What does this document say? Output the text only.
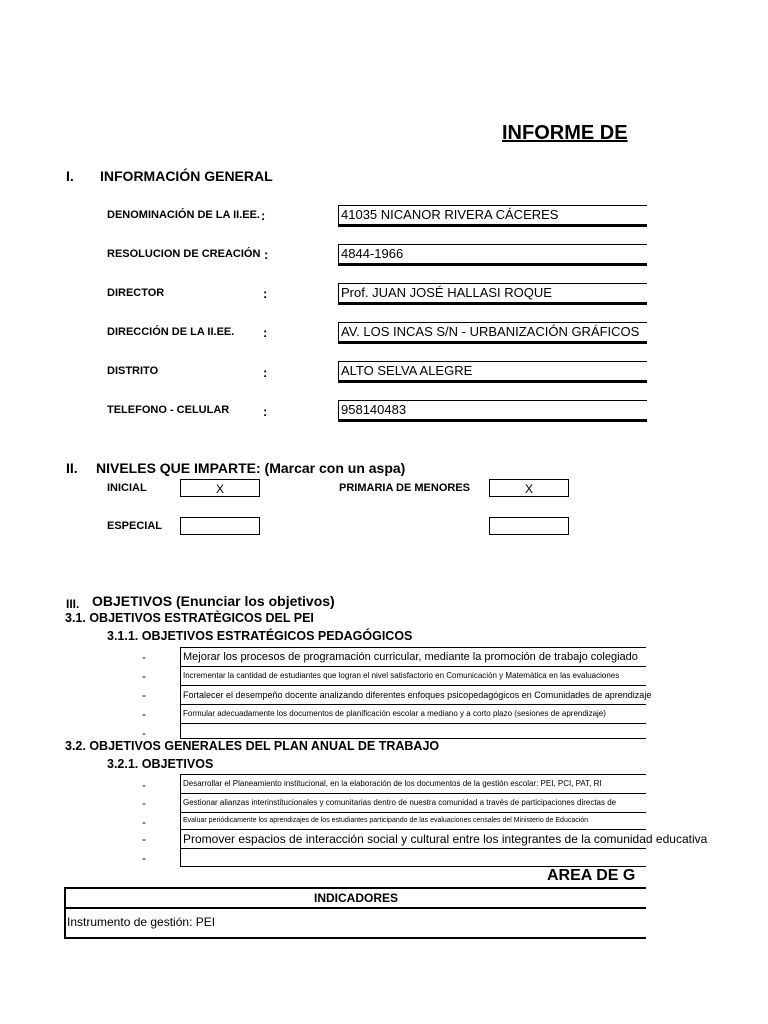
INFORME DE
I. INFORMACIÓN GENERAL
DENOMINACIÓN DE LA II.EE. :	41035 NICANOR RIVERA CÁCERES
RESOLUCION DE CREACIÓN :	4844-1966
DIRECTOR	:	Prof. JUAN JOSÉ HALLASI ROQUE
DIRECCIÓN DE LA II.EE. :	AV. LOS INCAS S/N - URBANIZACIÓN GRÁFICOS
DISTRITO	:	ALTO SELVA ALEGRE
TELEFONO - CELULAR	:	958140483
II. NIVELES QUE IMPARTE: (Marcar con un aspa)
INICIAL	X	PRIMARIA DE MENORES	X
ESPECIAL
III. OBJETIVOS (Enunciar los objetivos)
3.1. OBJETIVOS ESTRATÈGICOS DEL PEI
3.1.1. OBJETIVOS ESTRATÉGICOS PEDAGÓGICOS
-	Mejorar los procesos de programación curricular, mediante la promoción de trabajo colegiado
-	Incrementar la cantidad de estudiantes que logran el nivel satisfactorio en Comunicación y Matemática en las evaluaciones
-	Fortalecer el desempeño docente analizando diferentes enfoques psicopedagógicos en Comunidades de aprendizaje
-	Formular adecuadamente los documentos de planificación escolar a mediano y a corto plazo (sesiones de aprendizaje)
-
3.2. OBJETIVOS GENERALES DEL PLAN ANUAL DE TRABAJO
3.2.1. OBJETIVOS
-	Desarrollar el Planeamiento institucional, en la elaboración de los documentos de la gestión escolar: PEI, PCI, PAT, RI
-	Gestionar alianzas interinstitucionales y comunitarias dentro de nuestra comunidad a través de participaciones directas de
-	Evaluar periódicamente los aprendizajes de los estudiantes participando de las evaluaciones censales del Ministerio de Educación
-	Promover espacios de interacción social y cultural entre los integrantes de la comunidad educativa
-
AREA DE G
INDICADORES
Instrumento de gestión: PEI
